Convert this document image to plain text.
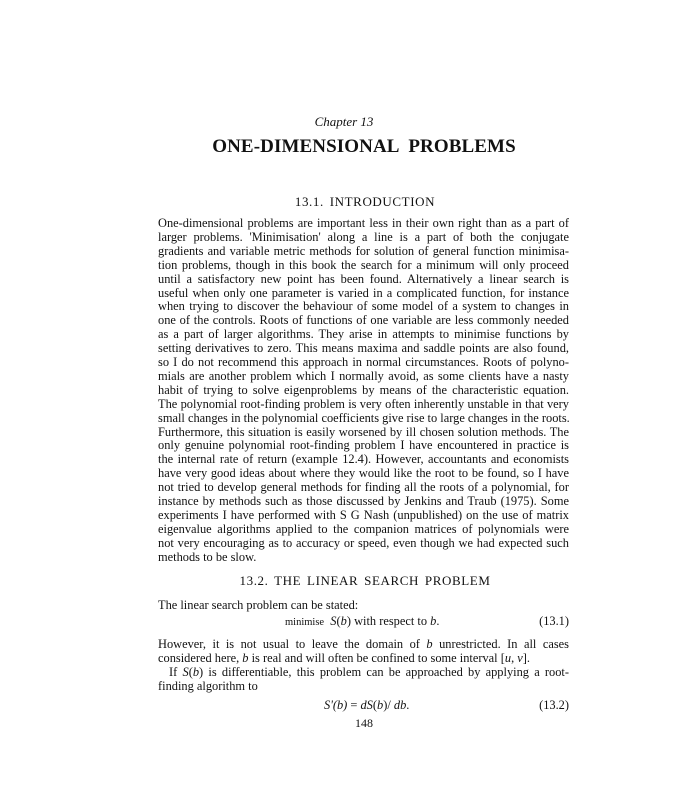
Chapter 13
ONE-DIMENSIONAL PROBLEMS
13.1. INTRODUCTION
One-dimensional problems are important less in their own right than as a part of
larger problems. 'Minimisation' along a line is a part of both the conjugate
gradients and variable metric methods for solution of general function minimisa-
tion problems, though in this book the search for a minimum will only proceed
until a satisfactory new point has been found. Alternatively a linear search is
useful when only one parameter is varied in a complicated function, for instance
when trying to discover the behaviour of some model of a system to changes in
one of the controls. Roots of functions of one variable are less commonly needed
as a part of larger algorithms. They arise in attempts to minimise functions by
setting derivatives to zero. This means maxima and saddle points are also found,
so I do not recommend this approach in normal circumstances. Roots of polyno-
mials are another problem which I normally avoid, as some clients have a nasty
habit of trying to solve eigenproblems by means of the characteristic equation.
The polynomial root-finding problem is very often inherently unstable in that very
small changes in the polynomial coefficients give rise to large changes in the roots.
Furthermore, this situation is easily worsened by ill chosen solution methods. The
only genuine polynomial root-finding problem I have encountered in practice is
the internal rate of return (example 12.4). However, accountants and economists
have very good ideas about where they would like the root to be found, so I have
not tried to develop general methods for finding all the roots of a polynomial, for
instance by methods such as those discussed by Jenkins and Traub (1975). Some
experiments I have performed with S G Nash (unpublished) on the use of matrix
eigenvalue algorithms applied to the companion matrices of polynomials were
not very encouraging as to accuracy or speed, even though we had expected such
methods to be slow.
13.2. THE LINEAR SEARCH PROBLEM
The linear search problem can be stated:
minimise S(b) with respect to b.	(13.1)
However, it is not usual to leave the domain of b unrestricted. In all cases
considered here, b is real and will often be confined to some interval [u, v].
If S(b) is differentiable, this problem can be approached by applying a root-
finding algorithm to
S'(b) = dS(b)/ db.	(13.2)
148
